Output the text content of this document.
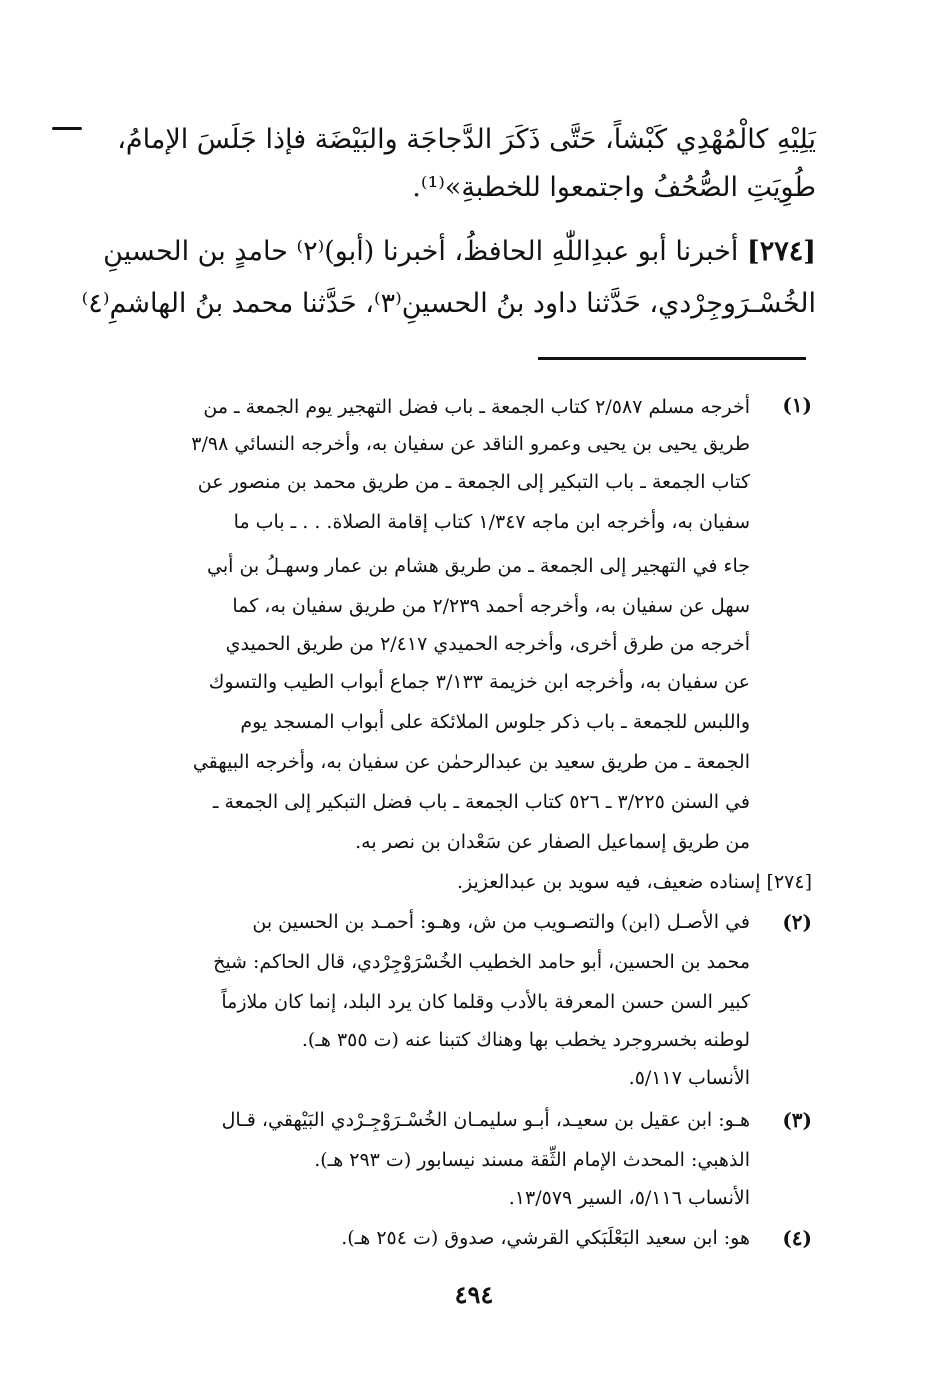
يَلِيْهِ كالْمُهْدِي كَبْشاً، حَتَّى ذَكَرَ الدَّجاجَة والبَيْضَة فإذا جَلَسَ الإمامُ،
طُوِيَتِ الصُّحُفُ واجتمعوا للخطبةِ»⁽¹⁾.
[٢٧٤] أخبرنا أبو عبدِاللّٰهِ الحافظُ، أخبرنا (أبو)⁽٢⁾ حامدٍ بن الحسينِ
الخُسْـرَوجِرْدي، حَدَّثنا داود بنُ الحسينِ⁽٣⁾، حَدَّثنا محمد بنُ الهاشمِ⁽٤⁾
(١)
أخرجه مسلم ٢/٥٨٧ كتاب الجمعة ـ باب فضل التهجير يوم الجمعة ـ من
طريق يحيى بن يحيى وعمرو الناقد عن سفيان به، وأخرجه النسائي ٣/٩٨
كتاب الجمعة ـ باب التبكير إلى الجمعة ـ من طريق محمد بن منصور عن
سفيان به، وأخرجه ابن ماجه ١/٣٤٧ كتاب إقامة الصلاة. . . ـ باب ما
جاء في التهجير إلى الجمعة ـ من طريق هشام بن عمار وسهـلُ بن أبي
سهل عن سفيان به، وأخرجه أحمد ٢/٢٣٩ من طريق سفيان به، كما
أخرجه من طرق أخرى، وأخرجه الحميدي ٢/٤١٧ من طريق الحميدي
عن سفيان به، وأخرجه ابن خزيمة ٣/١٣٣ جماع أبواب الطيب والتسوك
واللبس للجمعة ـ باب ذكر جلوس الملائكة على أبواب المسجد يوم
الجمعة ـ من طريق سعيد بن عبدالرحمٰن عن سفيان به، وأخرجه البيهقي
في السنن ٣/٢٢٥ ـ ٥٢٦ كتاب الجمعة ـ باب فضل التبكير إلى الجمعة ـ
من طريق إسماعيل الصفار عن سَعْدان بن نصر به.
[٢٧٤] إسناده ضعيف، فيه سويد بن عبدالعزيز.
(٢)
في الأصـل (ابن) والتصـويب من ش، وهـو: أحمـد بن الحسين بن
محمد بن الحسين، أبو حامد الخطيب الخُسْرَوْجِرْدي، قال الحاكم: شيخ
كبير السن حسن المعرفة بالأدب وقلما كان يرد البلد، إنما كان ملازماً
لوطنه بخسروجرد يخطب بها وهناك كتبنا عنه (ت ٣٥٥ هـ).
الأنساب ٥/١١٧.
(٣)
هـو: ابن عقيل بن سعيـد، أبـو سليمـان الخُسْـرَوْجِـرْدي البَيْهقي، قـال
الذهبي: المحدث الإمام الثِّقة مسند نيسابور (ت ٢٩٣ هـ).
الأنساب ٥/١١٦، السير ١٣/٥٧٩.
(٤)
هو: ابن سعيد البَعْلَبَكي القرشي، صدوق (ت ٢٥٤ هـ).
٤٩٤
